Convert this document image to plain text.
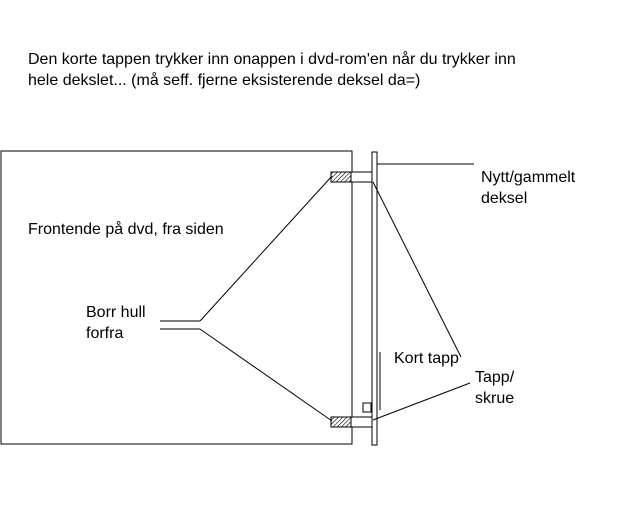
Den korte tappen trykker inn onappen i dvd-rom'en når du trykker inn
hele dekslet... (må seff. fjerne eksisterende deksel da=)
Frontende på dvd, fra siden
Borr hull
forfra
Nytt/gammelt
deksel
Kort tapp
Tapp/
skrue
